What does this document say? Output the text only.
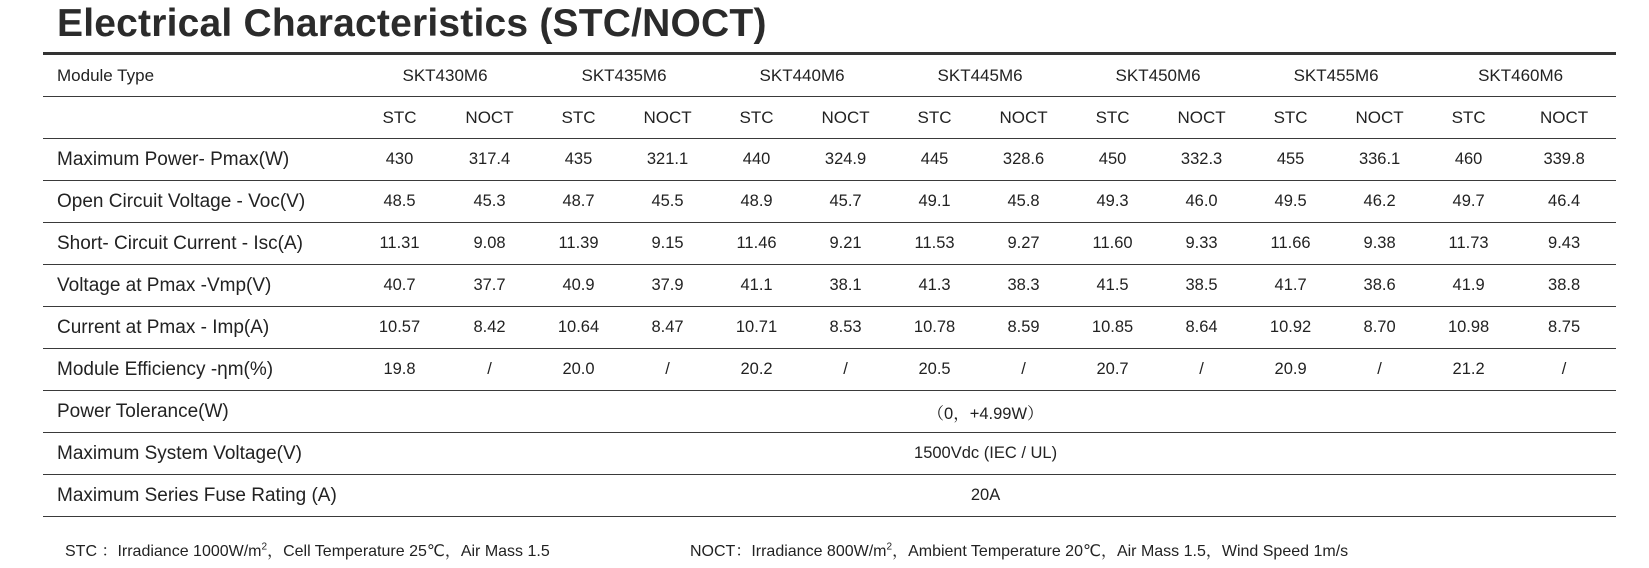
Electrical Characteristics (STC/NOCT)
Module Type	SKT430M6		SKT435M6		SKT440M6		SKT445M6		SKT450M6		SKT455M6		SKT460M6	
	STC	NOCT	STC	NOCT	STC	NOCT	STC	NOCT	STC	NOCT	STC	NOCT	STC	NOCT
Maximum Power- Pmax(W)	430	317.4	435	321.1	440	324.9	445	328.6	450	332.3	455	336.1	460	339.8
Open Circuit Voltage - Voc(V)	48.5	45.3	48.7	45.5	48.9	45.7	49.1	45.8	49.3	46.0	49.5	46.2	49.7	46.4
Short- Circuit Current - Isc(A)	11.31	9.08	11.39	9.15	11.46	9.21	11.53	9.27	11.60	9.33	11.66	9.38	11.73	9.43
Voltage at Pmax -Vmp(V)	40.7	37.7	40.9	37.9	41.1	38.1	41.3	38.3	41.5	38.5	41.7	38.6	41.9	38.8
Current at Pmax - Imp(A)	10.57	8.42	10.64	8.47	10.71	8.53	10.78	8.59	10.85	8.64	10.92	8.70	10.98	8.75
Module Efficiency -ηm(%)	19.8	/	20.0	/	20.2	/	20.5	/	20.7	/	20.9	/	21.2	/
Power Tolerance(W)	（0，+4.99W）													
Maximum System Voltage(V)	1500Vdc (IEC / UL)													
Maximum Series Fuse Rating (A)	20A													
STC ：Irradiance $1000W/m^2$，Cell Temperature 25℃，Air Mass 1.5	NOCT：Irradiance $800W/m^2$，Ambient Temperature 20℃，Air Mass 1.5，Wind Speed 1m/s
